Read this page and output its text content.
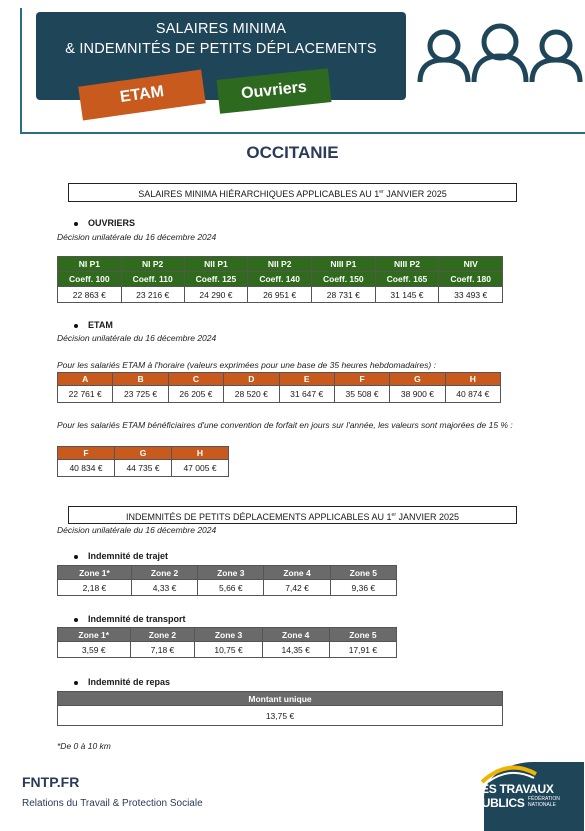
SALAIRES MINIMA
& INDEMNITÉS DE PETITS DÉPLACEMENTS
ETAM	Ouvriers
OCCITANIE
SALAIRES MINIMA HIÉRARCHIQUES APPLICABLES AU 1er JANVIER 2025
OUVRIERS
Décision unilatérale du 16 décembre 2024
NI P1	NI P2	NII P1	NII P2	NIII P1	NIII P2	NIV
Coeff. 100	Coeff. 110	Coeff. 125	Coeff. 140	Coeff. 150	Coeff. 165	Coeff. 180
22 863 €	23 216 €	24 290 €	26 951 €	28 731 €	31 145 €	33 493 €
ETAM
Décision unilatérale du 16 décembre 2024
Pour les salariés ETAM à l'horaire (valeurs exprimées pour une base de 35 heures hebdomadaires) :
A	B	C	D	E	F	G	H
22 761 €	23 725 €	26 205 €	28 520 €	31 647 €	35 508 €	38 900 €	40 874 €
Pour les salariés ETAM bénéficiaires d'une convention de forfait en jours sur l'année, les valeurs sont majorées de 15 % :
F	G	H
40 834 €	44 735 €	47 005 €
INDEMNITÉS DE PETITS DÉPLACEMENTS APPLICABLES AU 1er JANVIER 2025
Décision unilatérale du 16 décembre 2024
Indemnité de trajet
Zone 1*	Zone 2	Zone 3	Zone 4	Zone 5
2,18 €	4,33 €	5,66 €	7,42 €	9,36 €
Indemnité de transport
Zone 1*	Zone 2	Zone 3	Zone 4	Zone 5
3,59 €	7,18 €	10,75 €	14,35 €	17,91 €
Indemnité de repas
Montant unique
13,75 €
*De 0 à 10 km
FNTP.FR
Relations du Travail & Protection Sociale
LES TRAVAUX
PUBLICS FÉDÉRATION
NATIONALE
